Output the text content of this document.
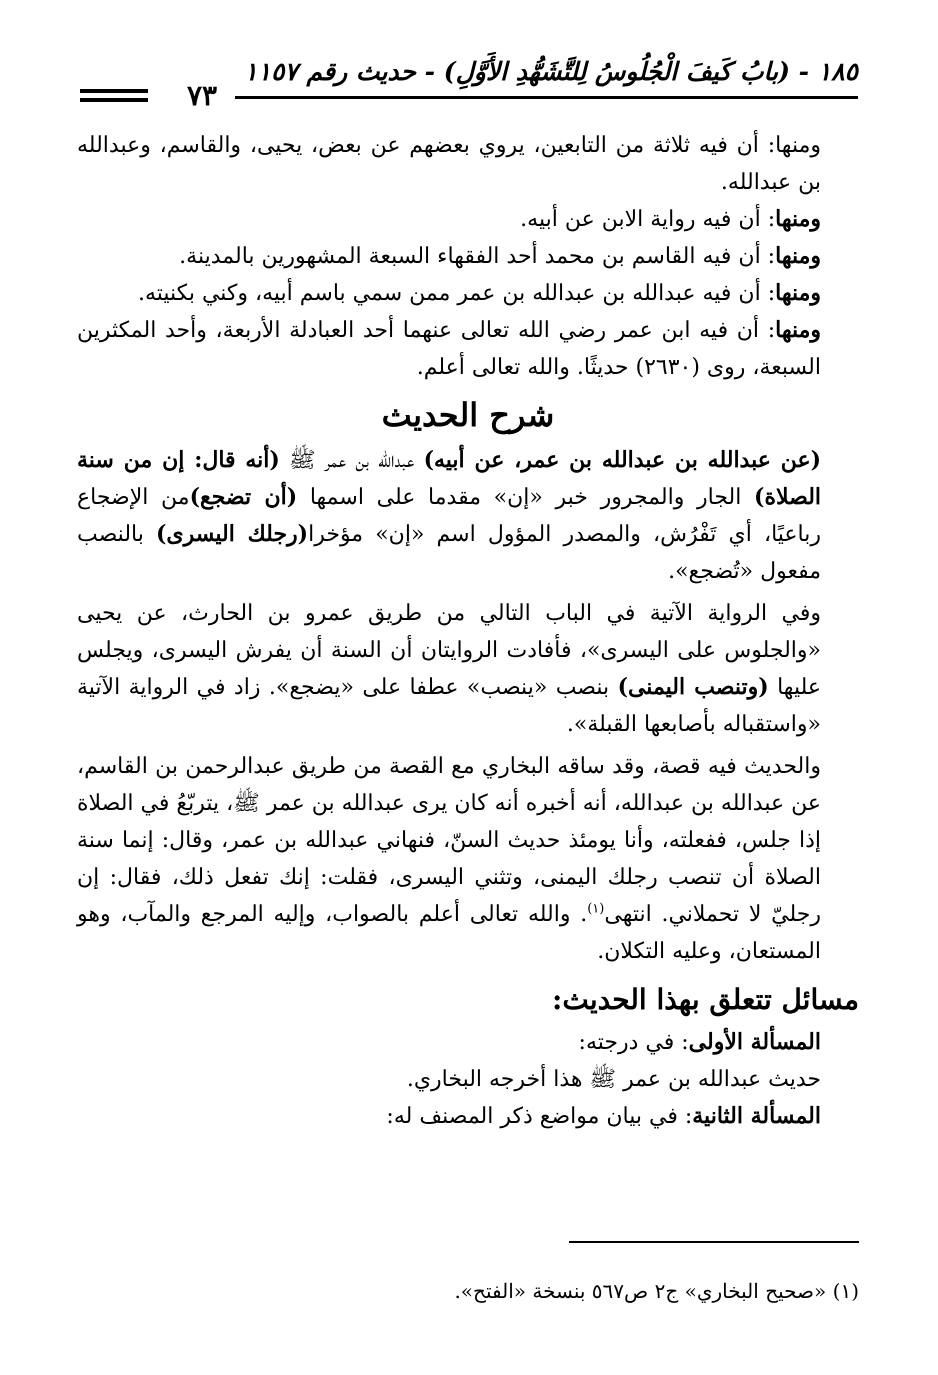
١٨٥ - (بابُ كَيفَ الْجُلُوسُ لِلتَّشَهُّدِ الأَوَّلِ) - حديث رقم ١١٥٧
٧٣

ومنها: أن فيه ثلاثة من التابعين، يروي بعضهم عن بعض، يحيى، والقاسم، وعبدالله بن عبدالله.

ومنها: أن فيه رواية الابن عن أبيه.

ومنها: أن فيه القاسم بن محمد أحد الفقهاء السبعة المشهورين بالمدينة.

ومنها: أن فيه عبدالله بن عبدالله بن عمر ممن سمي باسم أبيه، وكني بكنيته.

ومنها: أن فيه ابن عمر رضي الله تعالى عنهما أحد العبادلة الأربعة، وأحد المكثرين السبعة، روى (٢٦٣٠) حديثًا. والله تعالى أعلم.

شرح الحديث

(عن عبدالله بن عبدالله بن عمر، عن أبيه) عبدالله بن عمر ﷺ (أنه قال: إن من سنة الصلاة) الجار والمجرور خبر «إن» مقدما على اسمها (أن تضجع)من الإضجاع رباعيًا، أي تَفْرُش، والمصدر المؤول اسم «إن» مؤخرا(رجلك اليسرى) بالنصب مفعول «تُضجع».

وفي الرواية الآتية في الباب التالي من طريق عمرو بن الحارث، عن يحيى «والجلوس على اليسرى»، فأفادت الروايتان أن السنة أن يفرش اليسرى، ويجلس عليها (وتنصب اليمنى) بنصب «ينصب» عطفا على «يضجع». زاد في الرواية الآتية «واستقباله بأصابعها القبلة».

والحديث فيه قصة، وقد ساقه البخاري مع القصة من طريق عبدالرحمن بن القاسم، عن عبدالله بن عبدالله، أنه أخبره أنه كان يرى عبدالله بن عمر ﷺ، يتربّعُ في الصلاة إذا جلس، ففعلته، وأنا يومئذ حديث السنّ، فنهاني عبدالله بن عمر، وقال: إنما سنة الصلاة أن تنصب رجلك اليمنى، وتثني اليسرى، فقلت: إنك تفعل ذلك، فقال: إن رجليّ لا تحملاني. انتهى$^{(١)}$. والله تعالى أعلم بالصواب، وإليه المرجع والمآب، وهو المستعان، وعليه التكلان.

مسائل تتعلق بهذا الحديث:

المسألة الأولى: في درجته:

حديث عبدالله بن عمر ﷺ هذا أخرجه البخاري.

المسألة الثانية: في بيان مواضع ذكر المصنف له:

(١) «صحيح البخاري» ج٢ ص٥٦٧ بنسخة «الفتح».
